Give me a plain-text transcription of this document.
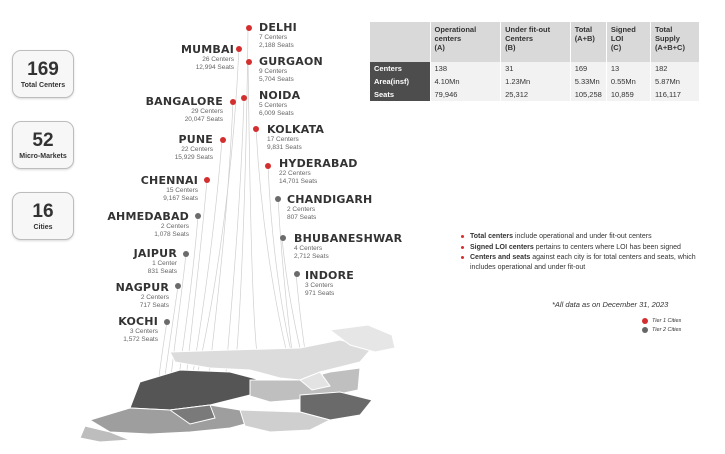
169
Total Centers
52
Micro-Markets
16
Cities
DELHI
7 Centers
2,188 Seats
GURGAON
9 Centers
5,704 Seats
NOIDA
5 Centers
6,009 Seats
KOLKATA
17 Centers
9,831 Seats
HYDERABAD
22 Centers
14,701 Seats
CHANDIGARH
2 Centers
807 Seats
BHUBANESHWAR
4 Centers
2,712 Seats
INDORE
3 Centers
971 Seats
MUMBAI
26 Centers
12,994 Seats
BANGALORE
29 Centers
20,047 Seats
PUNE
22 Centers
15,929 Seats
CHENNAI
15 Centers
9,167 Seats
AHMEDABAD
2 Centers
1,078 Seats
JAIPUR
1 Center
831 Seats
NAGPUR
2 Centers
717 Seats
KOCHI
3 Centers
1,572 Seats
	Operational centers
(A)	Under fit-out Centers
(B)	Total
(A+B)	Signed LOI
(C)	Total Supply
(A+B+C)

Centers	138	31	169	13	182
Area(insf)	4.10Mn	1.23Mn	5.33Mn	0.55Mn	5.87Mn
Seats	79,946	25,312	105,258	10,859	116,117
Total centers include operational and under fit-out centers
Signed LOI centers pertains to centers where LOI has been signed
Centers and seats against each city is for total centers and seats, which includes operational and under fit-out
*All data as on December 31, 2023
Tier 1 Cities
Tier 2 Cities
